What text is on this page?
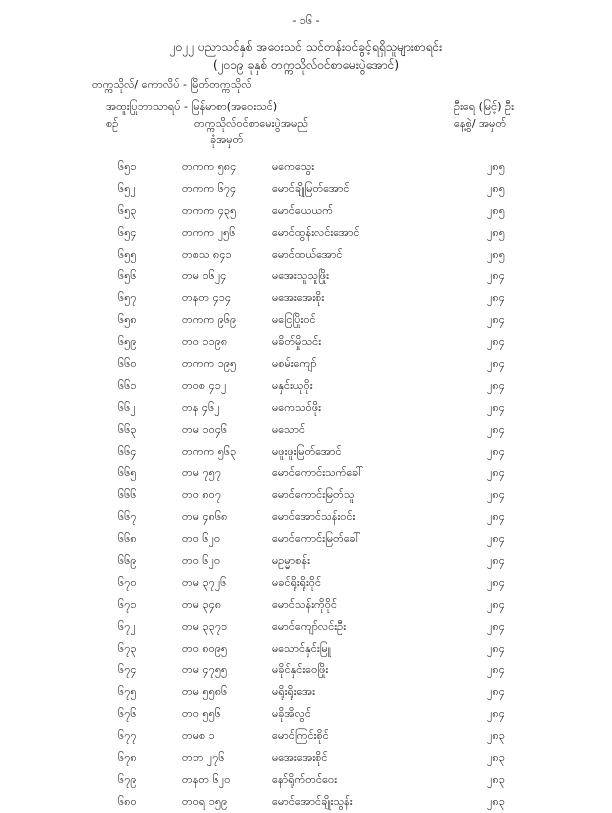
- ၁၆ -
၂၀၂၂ ပညာသင်နှစ် အဝေးသင် သင်တန်းဝင်ခွင့်ရရှိသူများစာရင်း
(၂၀၁၉ ခုနှစ် တက္ကသိုလ်ဝင်စာမေးပွဲအောင်)
တက္ကသိုလ်/ ကောလိပ် - မြိတ်တက္ကသိုလ်
အထူးပြုဘာသာရပ် - မြန်မာစာ(အဝေးသင်)	ဦးရေ (မြင့်) ဦး
စဉ်	တက္ကသိုလ်ဝင်စာမေးပွဲ
ခုံအမှတ်
အမည်	နေ့စွဲ/ အမှတ်
၆၅၁	တကက ၅၈၄	မကေသွေး	၂၈၅
၆၅၂	တကက ၆၇၄	မောင်ချိုမြတ်အောင်	၂၈၅
၆၅၃	တကက ၄၃၅	မောင်ယေယက်	၂၈၅
၆၅၄	တကက ၂၅၆	မောင်ထွန်းလင်းအောင်	၂၈၅
၆၅၅	တစသ ၈၄၁	မောင်ထယ်အောင်	၂၈၅
၆၅၆	တမ ၁၆၂၄	မအေးသူသူဖြိုး	၂၈၄
၆၅၇	တနတ ၄၁၄	မအေးအေးစိုး	၂၈၄
၆၅၈	တကက ၉၆၉	မငြေပြိုးဝင်	၂၈၄
၆၅၉	တဝ ၁၁၉၈	မခိတ်မှိုသင်း	၂၈၄
၆၆၀	တကက ၁၉၅	မစမ်းကျော်	၂၈၄
၆၆၁	တဝစ ၄၁၂	မနှင်းယုဝိုး	၂၈၄
၆၆၂	တန ၄၆၂	မကေသဝ်ဖိုး	၂၈၄
၆၆၃	တမ ၁၀၄၆	မသောင်	၂၈၄
၆၆၄	တကက ၅၆၃	မဖူးဖူးမြတ်အောင်	၂၈၄
၆၆၅	တမ ၇၅၇	မောင်ကောင်းသက်ခေါ်	၂၈၄
၆၆၆	တဝ ၈၀၇	မောင်ကောင်းမြတ်သူ	၂၈၄
၆၆၇	တမ ၄၈၆၈	မောင်အောင်သန်းဝင်း	၂၈၄
၆၆၈	တဝ ၆၂၀	မောင်ကောင်းမြတ်ခေါ်	၂၈၄
၆၆၉	တဝ ၆၂၀	မဥမ္မာစန်း	၂၈၄
၆၇၀	တမ ၃၇၂၆	မခင်ရိုးရိုးဝိုင်	၂၈၄
၆၇၁	တမ ၃၄၈	မောင်သန်းကိုဝိုင်	၂၈၄
၆၇၂	တမ ၃၃၇၁	မောင်ကျော်လင်းဦး	၂၈၄
၆၇၃	တဝ ၈၀၉၅	မသောင်နှင်းမြူ	၂၈၄
၆၇၄	တမ ၄၇၅၅	မခိုင်နှင်းဝေဖြိုး	၂၈၄
၆၇၅	တမ ၅၅၈၆	မရိုးရိုးအေး	၂၈၄
၆၇၆	တဝ ၅၅၆	မခိုအိလွင်	၂၈၄
၆၇၇	တမစ ၁	မောင်ကြင်းစိုင်	၂၈၃
၆၇၈	တဘ ၂၇၆	မအေးအေးစိုင်	၂၈၃
၆၇၉	တနတ ၆၂၀	နော်ရိုက်တင်ဝေး	၂၈၃
၆၈၀	တဝရ ၁၅၉	မောင်အောင်ချိုးသွန်း	၂၈၃
